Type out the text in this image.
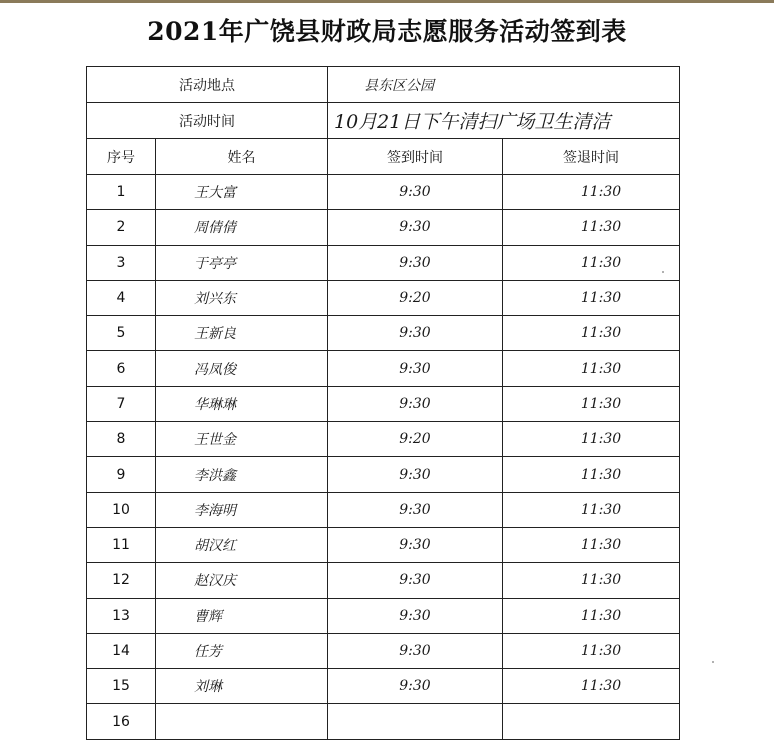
2021年广饶县财政局志愿服务活动签到表
活动地点		县东区公园	
活动时间		10月21日下午清扫广场卫生清洁	
序号	姓名	签到时间	签退时间
1	王大富	9:30	11:30
2	周倩倩	9:30	11:30
3	于亭亭	9:30	11:30
4	刘兴东	9:20	11:30
5	王新良	9:30	11:30
6	冯凤俊	9:30	11:30
7	华琳琳	9:30	11:30
8	王世金	9:20	11:30
9	李洪鑫	9:30	11:30
10	李海明	9:30	11:30
11	胡汉红	9:30	11:30
12	赵汉庆	9:30	11:30
13	曹辉	9:30	11:30
14	任芳	9:30	11:30
15	刘琳	9:30	11:30
16			
